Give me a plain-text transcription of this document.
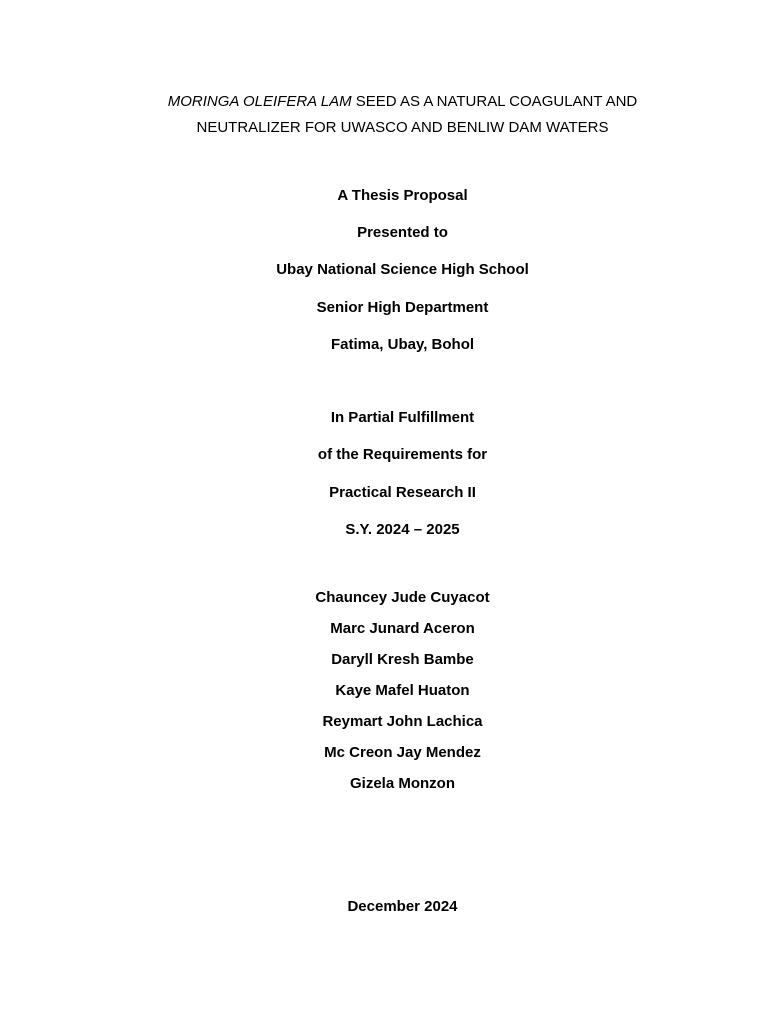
MORINGA OLEIFERA LAM SEED AS A NATURAL COAGULANT AND
NEUTRALIZER FOR UWASCO AND BENLIW DAM WATERS
A Thesis Proposal
Presented to
Ubay National Science High School
Senior High Department
Fatima, Ubay, Bohol
In Partial Fulfillment
of the Requirements for
Practical Research II
S.Y. 2024 – 2025
Chauncey Jude Cuyacot
Marc Junard Aceron
Daryll Kresh Bambe
Kaye Mafel Huaton
Reymart John Lachica
Mc Creon Jay Mendez
Gizela Monzon
December 2024
